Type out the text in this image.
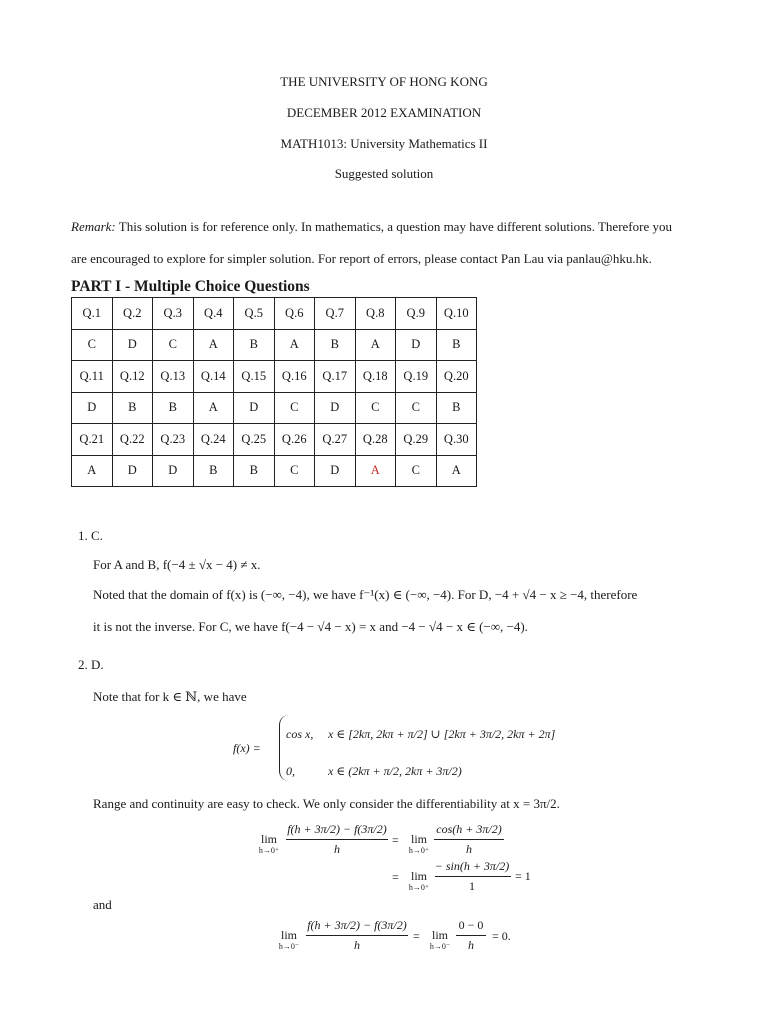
THE UNIVERSITY OF HONG KONG
DECEMBER 2012 EXAMINATION
MATH1013: University Mathematics II
Suggested solution
Remark: This solution is for reference only. In mathematics, a question may have different solutions. Therefore you
are encouraged to explore for simpler solution. For report of errors, please contact Pan Lau via panlau@hku.hk.
PART I - Multiple Choice Questions
Q.1	Q.2	Q.3	Q.4	Q.5	Q.6	Q.7	Q.8	Q.9	Q.10
C	D	C	A	B	A	B	A	D	B
Q.11	Q.12	Q.13	Q.14	Q.15	Q.16	Q.17	Q.18	Q.19	Q.20
D	B	B	A	D	C	D	C	C	B
Q.21	Q.22	Q.23	Q.24	Q.25	Q.26	Q.27	Q.28	Q.29	Q.30
A	D	D	B	B	C	D	A	C	A
1. C.
For A and B, f(−4 ± √x − 4) ≠ x.
Noted that the domain of f(x) is (−∞, −4), we have f⁻¹(x) ∈ (−∞, −4). For D, −4 + √4 − x ≥ −4, therefore
it is not the inverse. For C, we have f(−4 − √4 − x) = x and −4 − √4 − x ∈ (−∞, −4).
2. D.
Note that for k ∈ ℕ, we have
f(x) =
cos x, x ∈ [2kπ, 2kπ + π/2] ∪ [2kπ + 3π/2, 2kπ + 2π]
0,	x ∈ (2kπ + π/2, 2kπ + 3π/2)
Range and continuity are easy to check. We only consider the differentiability at x = 3π/2.
lim
h→0⁺
f(h + 3π/2) − f(3π/2)
h
=	lim
h→0⁺
cos(h + 3π/2)
h
=	lim
h→0⁺
− sin(h + 3π/2)
1
= 1
and
lim
h→0⁻
f(h + 3π/2) − f(3π/2)
h
=	lim
h→0⁻
0 − 0
h
= 0.
